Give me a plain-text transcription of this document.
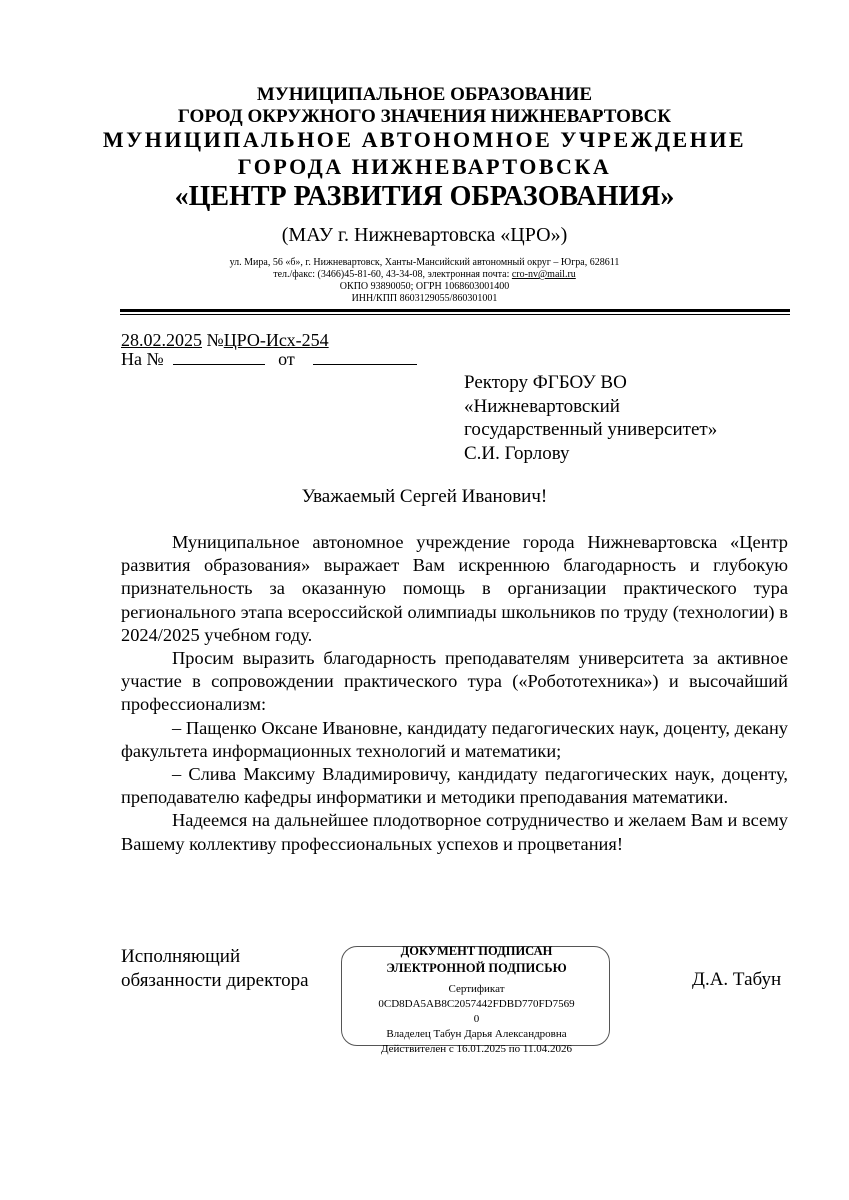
МУНИЦИПАЛЬНОЕ ОБРАЗОВАНИЕ
ГОРОД ОКРУЖНОГО ЗНАЧЕНИЯ НИЖНЕВАРТОВСК
МУНИЦИПАЛЬНОЕ АВТОНОМНОЕ УЧРЕЖДЕНИЕ
ГОРОДА НИЖНЕВАРТОВСКА
«ЦЕНТР РАЗВИТИЯ ОБРАЗОВАНИЯ»
(МАУ г. Нижневартовска «ЦРО»)
ул. Мира, 56 «б», г. Нижневартовск, Ханты-Мансийский автономный округ – Югра, 628611
тел./факс: (3466)45-81-60, 43-34-08, электронная почта: cro-nv@mail.ru
ОКПО 93890050; ОГРН 1068603001400
ИНН/КПП 8603129055/860301001
28.02.2025 №ЦРО-Исх-254
На №	от
Ректору ФГБОУ ВО
«Нижневартовский
государственный университет»
С.И. Горлову
Уважаемый Сергей Иванович!

Муниципальное автономное учреждение города Нижневартовска «Центр развития образования» выражает Вам искреннюю благодарность и глубокую признательность за оказанную помощь в организации практического тура регионального этапа всероссийской олимпиады школьников по труду (технологии) в 2024/2025 учебном году.

Просим выразить благодарность преподавателям университета за активное участие в сопровождении практического тура («Робототехника») и высочайший профессионализм:

– Пащенко Оксане Ивановне, кандидату педагогических наук, доценту, декану факультета информационных технологий и математики;

– Слива Максиму Владимировичу, кандидату педагогических наук, доценту, преподавателю кафедры информатики и методики преподавания математики.

Надеемся на дальнейшее плодотворное сотрудничество и желаем Вам и всему Вашему коллективу профессиональных успехов и процветания!

Исполняющий
обязанности директора	Д.А. Табун
ДОКУМЕНТ ПОДПИСАН
ЭЛЕКТРОННОЙ ПОДПИСЬЮ
Сертификат
0CD8DA5AB8C2057442FDBD770FD7569
0
Владелец Табун Дарья Александровна
Действителен с 16.01.2025 по 11.04.2026
